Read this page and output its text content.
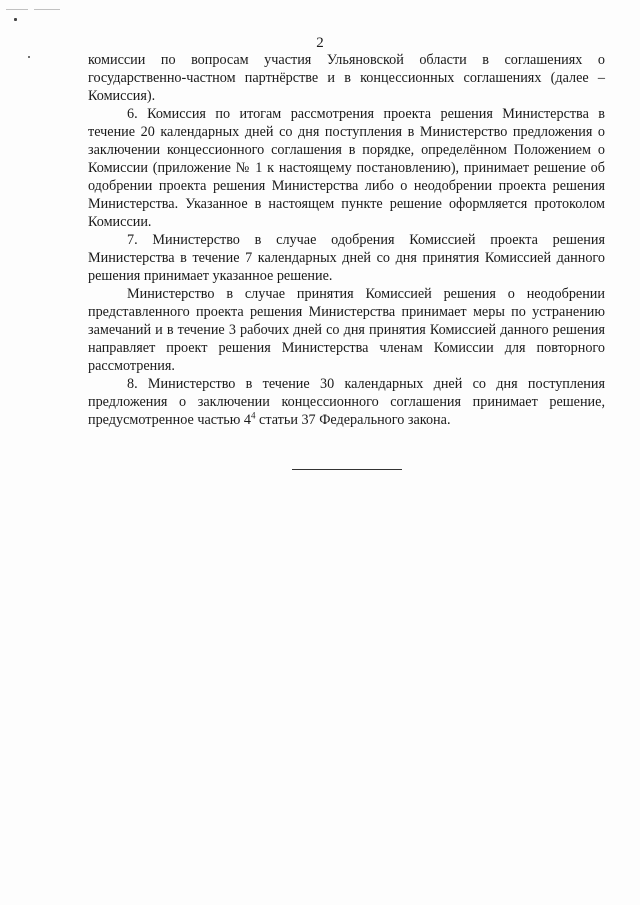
2

комиссии по вопросам участия Ульяновской области в соглашениях о государственно-частном партнёрстве и в концессионных соглашениях (далее – Комиссия).

6. Комиссия по итогам рассмотрения проекта решения Министерства в течение 20 календарных дней со дня поступления в Министерство предложения о заключении концессионного соглашения в порядке, определённом Положением о Комиссии (приложение № 1 к настоящему постановлению), принимает решение об одобрении проекта решения Министерства либо о неодобрении проекта решения Министерства. Указанное в настоящем пункте решение оформляется протоколом Комиссии.

7. Министерство в случае одобрения Комиссией проекта решения Министерства в течение 7 календарных дней со дня принятия Комиссией данного решения принимает указанное решение.

Министерство в случае принятия Комиссией решения о неодобрении представленного проекта решения Министерства принимает меры по устранению замечаний и в течение 3 рабочих дней со дня принятия Комиссией данного решения направляет проект решения Министерства членам Комиссии для повторного рассмотрения.

8. Министерство в течение 30 календарных дней со дня поступления предложения о заключении концессионного соглашения принимает решение, предусмотренное частью $4^4$ статьи 37 Федерального закона.
